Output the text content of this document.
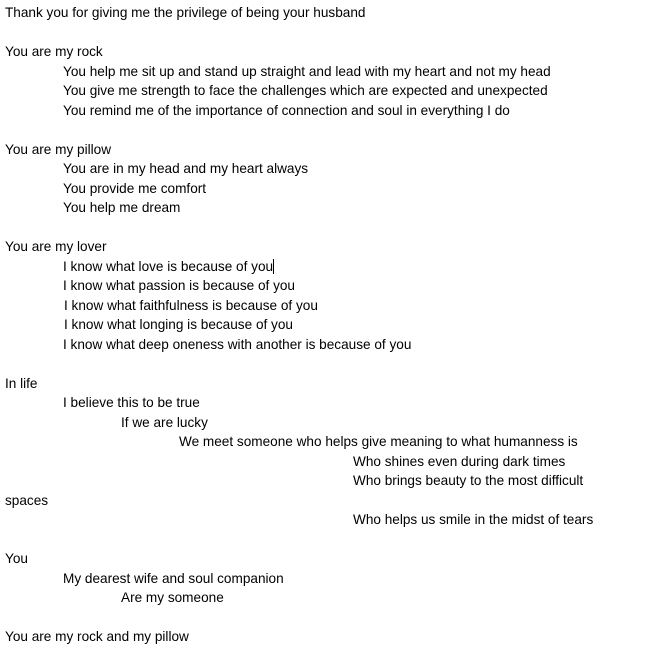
Thank you for giving me the privilege of being your husband
You are my rock
You help me sit up and stand up straight and lead with my heart and not my head
You give me strength to face the challenges which are expected and unexpected
You remind me of the importance of connection and soul in everything I do
You are my pillow
You are in my head and my heart always
You provide me comfort
You help me dream
You are my lover
I know what love is because of you
I know what passion is because of you
I know what faithfulness is because of you
I know what longing is because of you
I know what deep oneness with another is because of you
In life
I believe this to be true
If we are lucky
We meet someone who helps give meaning to what humanness is
Who shines even during dark times
Who brings beauty to the most difficult
spaces
Who helps us smile in the midst of tears
You
My dearest wife and soul companion
Are my someone
You are my rock and my pillow
